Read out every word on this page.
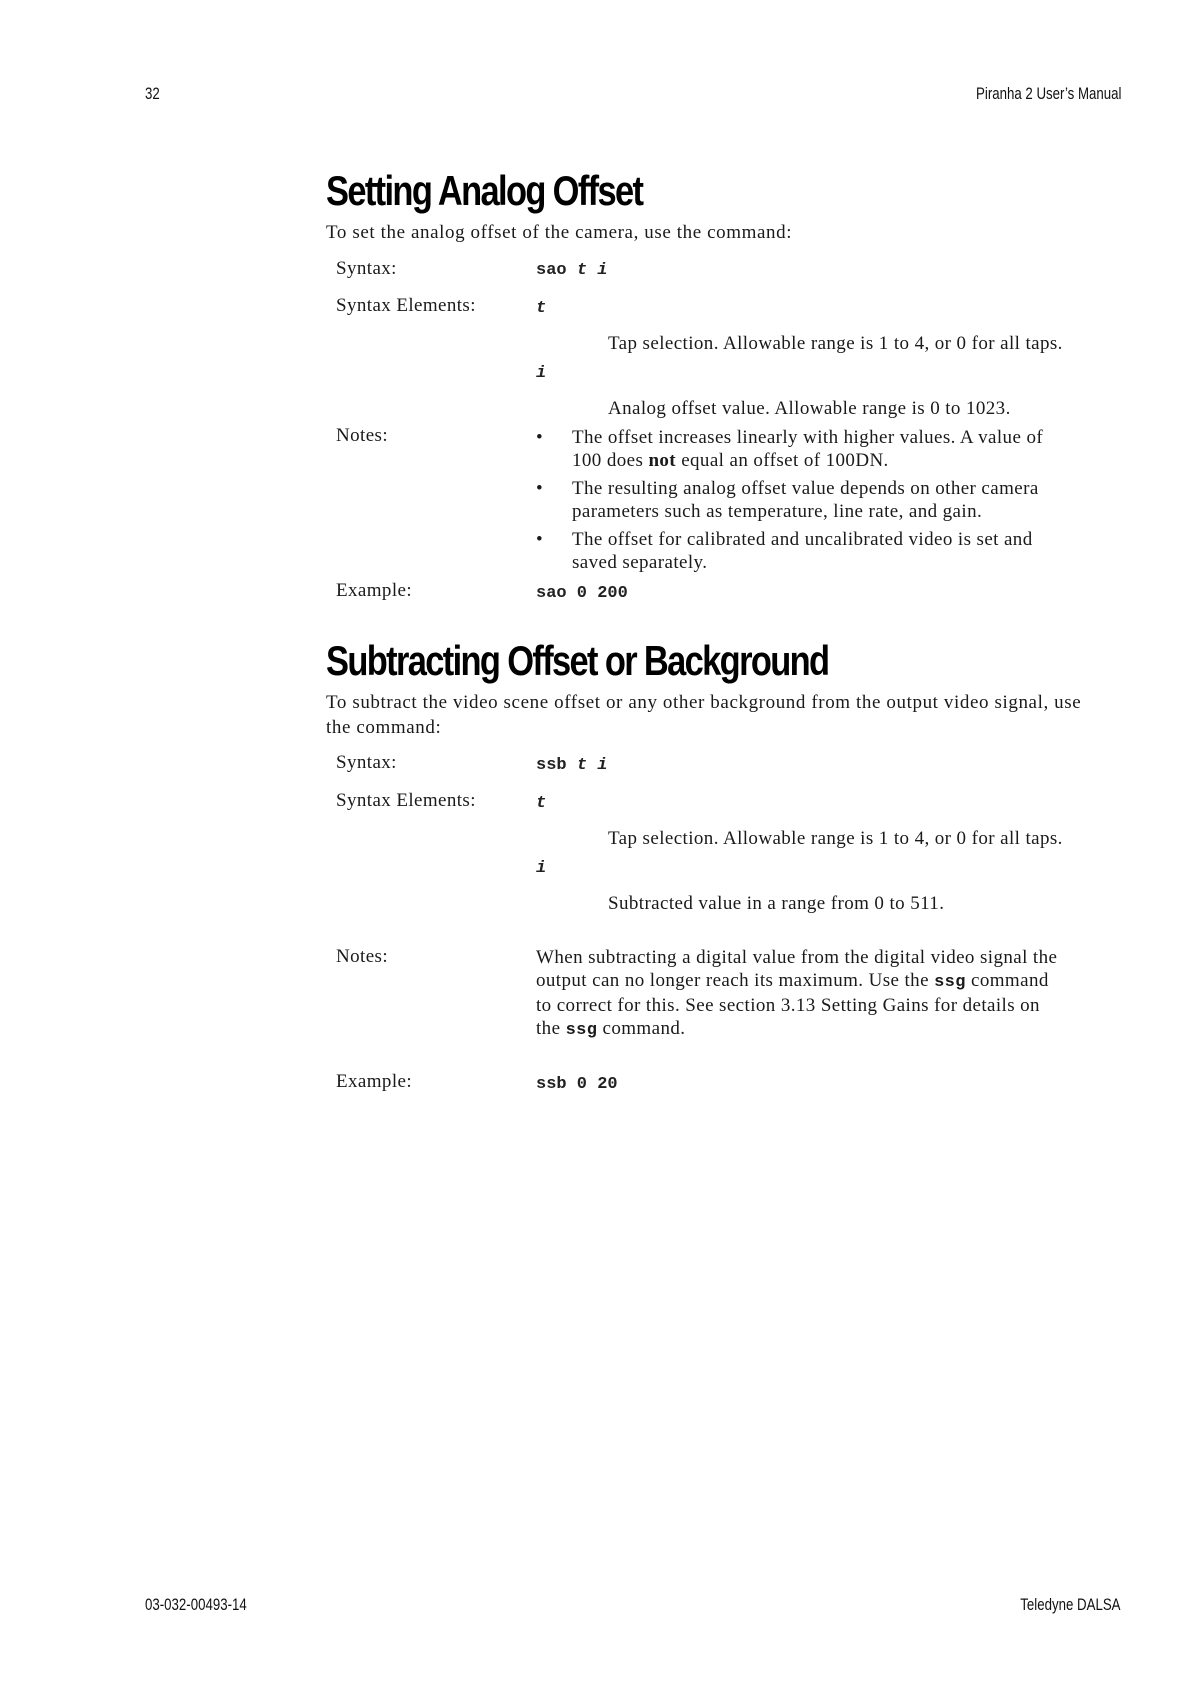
32	Piranha 2 User’s Manual
Setting Analog Offset
To set the analog offset of the camera, use the command:
Syntax:	sao t i
Syntax Elements:	t
Tap selection. Allowable range is 1 to 4, or 0 for all taps.
i
Analog offset value. Allowable range is 0 to 1023.
Notes:
•	The offset increases linearly with higher values. A value of 100 does not equal an offset of 100DN.
• The resulting analog offset value depends on other camera parameters such as temperature, line rate, and gain.
• The offset for calibrated and uncalibrated video is set and saved separately.
Example:	sao 0 200
Subtracting Offset or Background
To subtract the video scene offset or any other background from the output video signal, use the command:
Syntax:	ssb t i
Syntax Elements:	t
Tap selection. Allowable range is 1 to 4, or 0 for all taps.
i
Subtracted value in a range from 0 to 511.
Notes:	When subtracting a digital value from the digital video signal the output can no longer reach its maximum. Use the ssg command to correct for this. See section 3.13 Setting Gains for details on the ssg command.
Example:	ssb 0 20
03-032-00493-14	Teledyne DALSA
